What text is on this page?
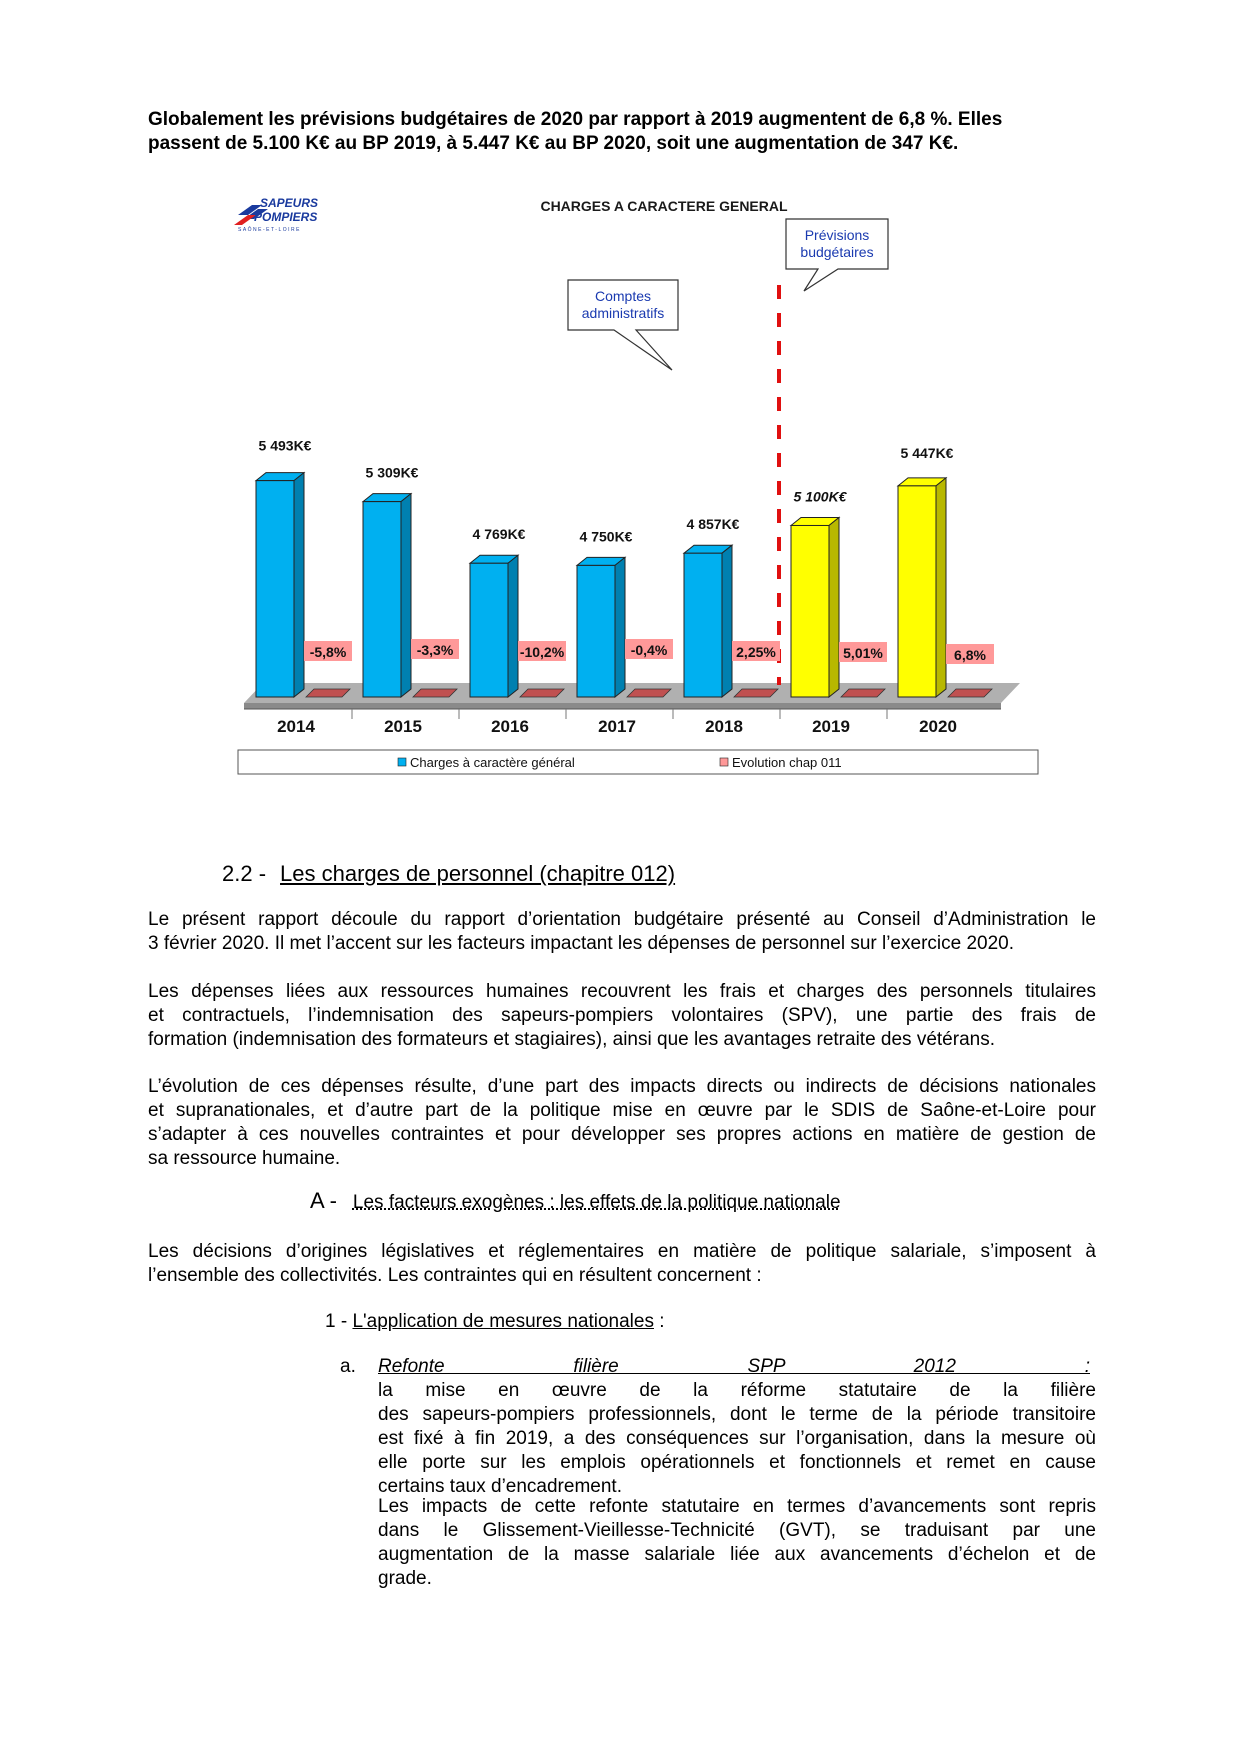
Globalement les prévisions budgétaires de 2020 par rapport à 2019 augmentent de 6,8 %. Elles
passent de 5.100 K€ au BP 2019, à 5.447 K€ au BP 2020, soit une augmentation de 347 K€.
CHARGES A CARACTERE GENERAL
SAPEURS
POMPIERS
SAÔNE-ET-LOIRE
5 493K€
-5,8%
2014
5 309K€
-3,3%
2015
4 769K€
-10,2%
2016
4 750K€
-0,4%
2017
4 857K€
2,25%
2018
5 100K€
5,01%
2019
5 447K€
6,8%
2020
Comptes
administratifs
Prévisions
budgétaires
Charges à caractère général	Evolution chap 011
2.2 - Les charges de personnel (chapitre 012)
Le présent rapport découle du rapport d’orientation budgétaire présenté au Conseil d’Administration le
3 février 2020. Il met l’accent sur les facteurs impactant les dépenses de personnel sur l’exercice 2020.
Les dépenses liées aux ressources humaines recouvrent les frais et charges des personnels titulaires
et contractuels, l’indemnisation des sapeurs-pompiers volontaires (SPV), une partie des frais de
formation (indemnisation des formateurs et stagiaires), ainsi que les avantages retraite des vétérans.
L’évolution de ces dépenses résulte, d’une part des impacts directs ou indirects de décisions nationales
et supranationales, et d’autre part de la politique mise en œuvre par le SDIS de Saône-et-Loire pour
s’adapter à ces nouvelles contraintes et pour développer ses propres actions en matière de gestion de
sa ressource humaine.
A - Les facteurs exogènes : les effets de la politique nationale
Les décisions d’origines législatives et réglementaires en matière de politique salariale, s’imposent à
l’ensemble des collectivités. Les contraintes qui en résultent concernent :
1 - L'application de mesures nationales :
a. Refonte filière SPP 2012 :
la mise en œuvre de la réforme statutaire de la filière
des sapeurs-pompiers professionnels, dont le terme de la période transitoire
est fixé à fin 2019, a des conséquences sur l’organisation, dans la mesure où
elle porte sur les emplois opérationnels et fonctionnels et remet en cause
certains taux d’encadrement.
Les impacts de cette refonte statutaire en termes d’avancements sont repris
dans le Glissement-Vieillesse-Technicité (GVT), se traduisant par une
augmentation de la masse salariale liée aux avancements d’échelon et de
grade.
